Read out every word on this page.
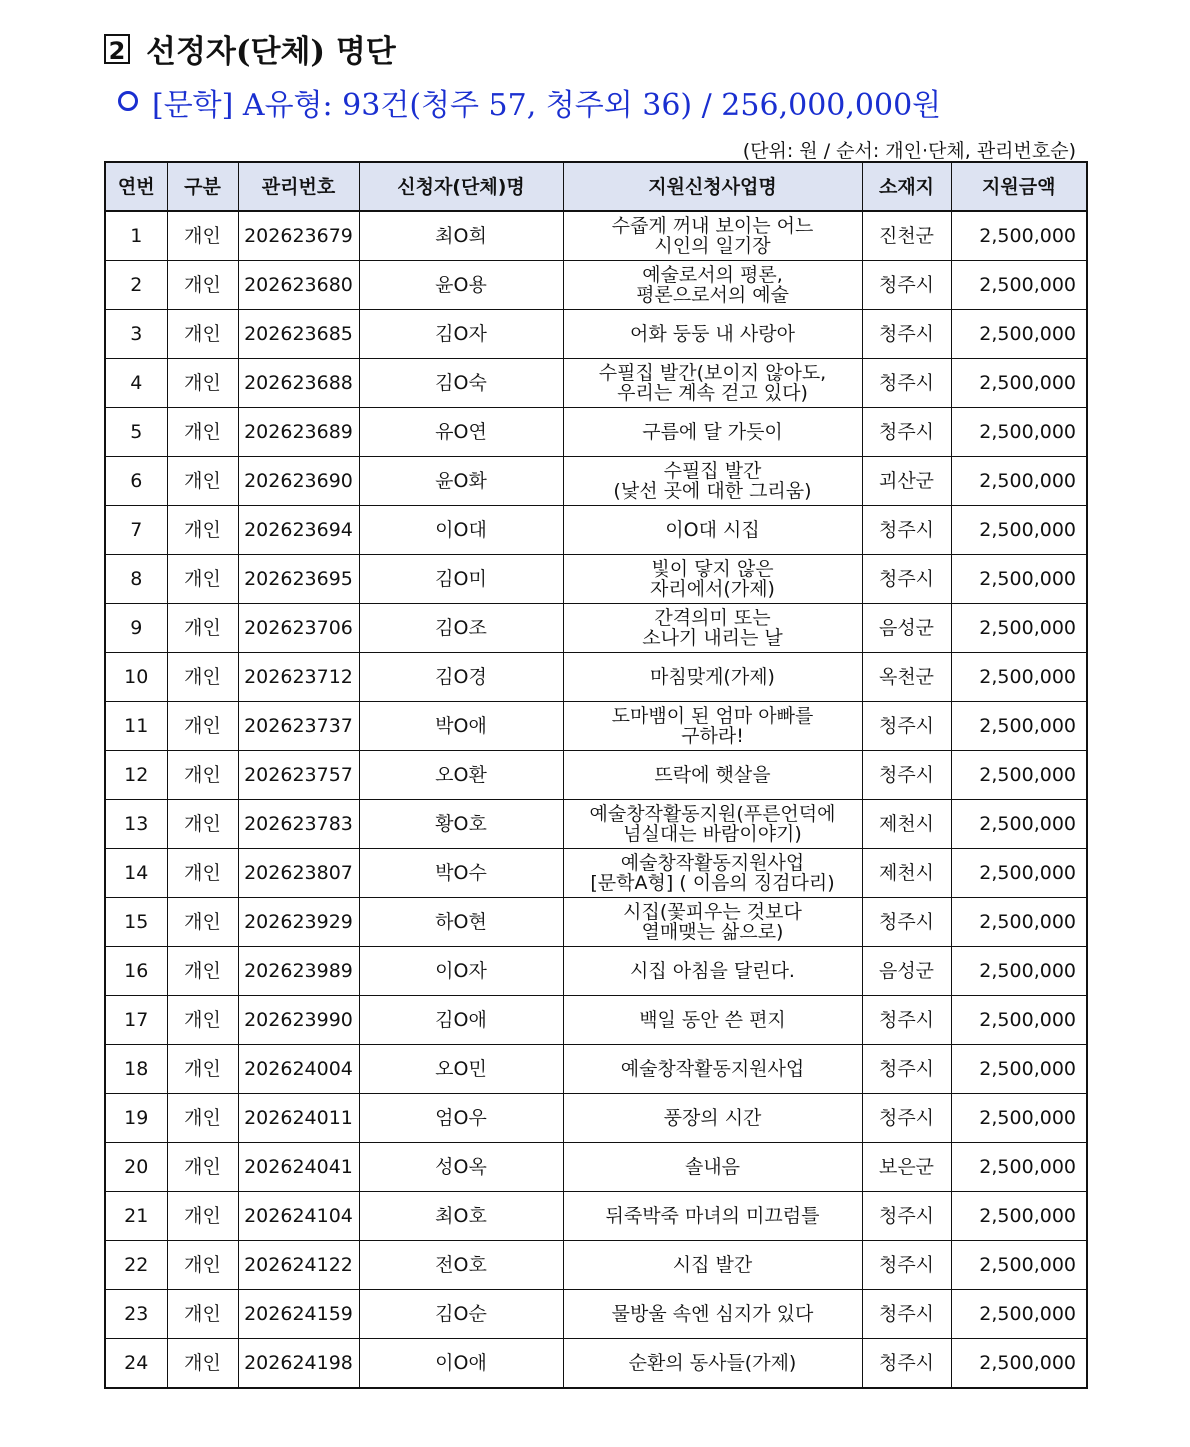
2 선정자(단체) 명단
[문학] A유형: 93건(청주 57, 청주외 36) / 256,000,000원
(단위: 원 / 순서: 개인·단체, 관리번호순)
연번	구분	관리번호	신청자(단체)명	지원신청사업명	소재지	지원금액
1	개인	202623679	최O희	수줍게 꺼내 보이는 어느
시인의 일기장	진천군	2,500,000
2	개인	202623680	윤O용	예술로서의 평론,
평론으로서의 예술	청주시	2,500,000
3	개인	202623685	김O자	어화 둥둥 내 사랑아	청주시	2,500,000
4	개인	202623688	김O숙	수필집 발간(보이지 않아도,
우리는 계속 걷고 있다)	청주시	2,500,000
5	개인	202623689	유O연	구름에 달 가듯이	청주시	2,500,000
6	개인	202623690	윤O화	수필집 발간
(낯선 곳에 대한 그리움)	괴산군	2,500,000
7	개인	202623694	이O대	이O대 시집	청주시	2,500,000
8	개인	202623695	김O미	빛이 닿지 않은
자리에서(가제)	청주시	2,500,000
9	개인	202623706	김O조	간격의미 또는
소나기 내리는 날	음성군	2,500,000
10	개인	202623712	김O경	마침맞게(가제)	옥천군	2,500,000
11	개인	202623737	박O애	도마뱀이 된 엄마 아빠를
구하라!	청주시	2,500,000
12	개인	202623757	오O환	뜨락에 햇살을	청주시	2,500,000
13	개인	202623783	황O호	예술창작활동지원(푸른언덕에
넘실대는 바람이야기)	제천시	2,500,000
14	개인	202623807	박O수	예술창작활동지원사업
[문학A형] ( 이음의 징검다리)	제천시	2,500,000
15	개인	202623929	하O현	시집(꽃피우는 것보다
열매맺는 삶으로)	청주시	2,500,000
16	개인	202623989	이O자	시집 아침을 달린다.	음성군	2,500,000
17	개인	202623990	김O애	백일 동안 쓴 편지	청주시	2,500,000
18	개인	202624004	오O민	예술창작활동지원사업	청주시	2,500,000
19	개인	202624011	엄O우	풍장의 시간	청주시	2,500,000
20	개인	202624041	성O옥	솔내음	보은군	2,500,000
21	개인	202624104	최O호	뒤죽박죽 마녀의 미끄럼틀	청주시	2,500,000
22	개인	202624122	전O호	시집 발간	청주시	2,500,000
23	개인	202624159	김O순	물방울 속엔 심지가 있다	청주시	2,500,000
24	개인	202624198	이O애	순환의 동사들(가제)	청주시	2,500,000
